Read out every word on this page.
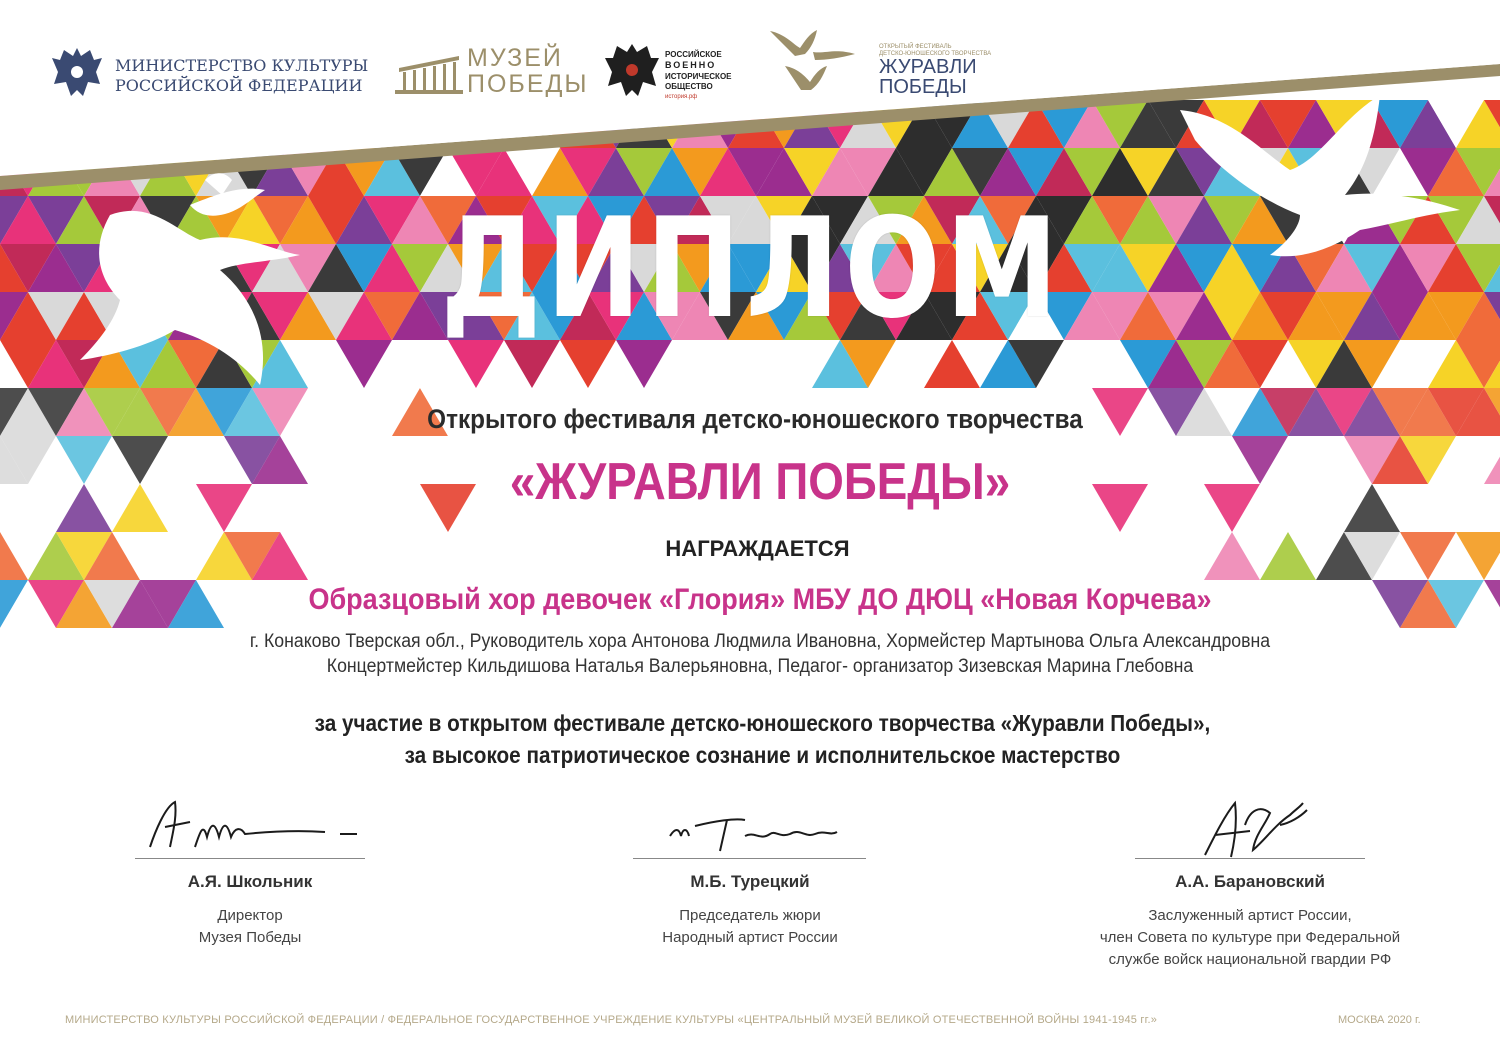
МИНИСТЕРСТВО КУЛЬТУРЫ
РОССИЙСКОЙ ФЕДЕРАЦИИ
МУЗЕЙ
ПОБЕДЫ
РОССИЙСКОЕ
ВОЕННО
ИСТОРИЧЕСКОЕ
ОБЩЕСТВО
история.рф
ОТКРЫТЫЙ ФЕСТИВАЛЬ
ДЕТСКО-ЮНОШЕСКОГО ТВОРЧЕСТВА
ЖУРАВЛИ
ПОБЕДЫ
ДИПЛОМ
Открытого фестиваля детско-юношеского творчества
«ЖУРАВЛИ ПОБЕДЫ»
НАГРАЖДАЕТСЯ
Образцовый хор девочек «Глория» МБУ ДО ДЮЦ «Новая Корчева»
г. Конаково Тверская обл., Руководитель хора Антонова Людмила Ивановна, Хормейстер Мартынова Ольга Александровна
Концертмейстер Кильдишова Наталья Валерьяновна, Педагог- организатор Зизевская Марина Глебовна
за участие в открытом фестивале детско-юношеского творчества «Журавли Победы»,
за высокое патриотическое сознание и исполнительское мастерство
А.Я. Школьник	М.Б. Турецкий	А.А. Барановский
Директор
Музея Победы
Председатель жюри
Народный артист России
Заслуженный артист России,
член Совета по культуре при Федеральной
службе войск национальной гвардии РФ
МИНИСТЕРСТВО КУЛЬТУРЫ РОССИЙСКОЙ ФЕДЕРАЦИИ / ФЕДЕРАЛЬНОЕ ГОСУДАРСТВЕННОЕ УЧРЕЖДЕНИЕ КУЛЬТУРЫ «ЦЕНТРАЛЬНЫЙ МУЗЕЙ ВЕЛИКОЙ ОТЕЧЕСТВЕННОЙ ВОЙНЫ 1941-1945 гг.»	МОСКВА 2020 г.
